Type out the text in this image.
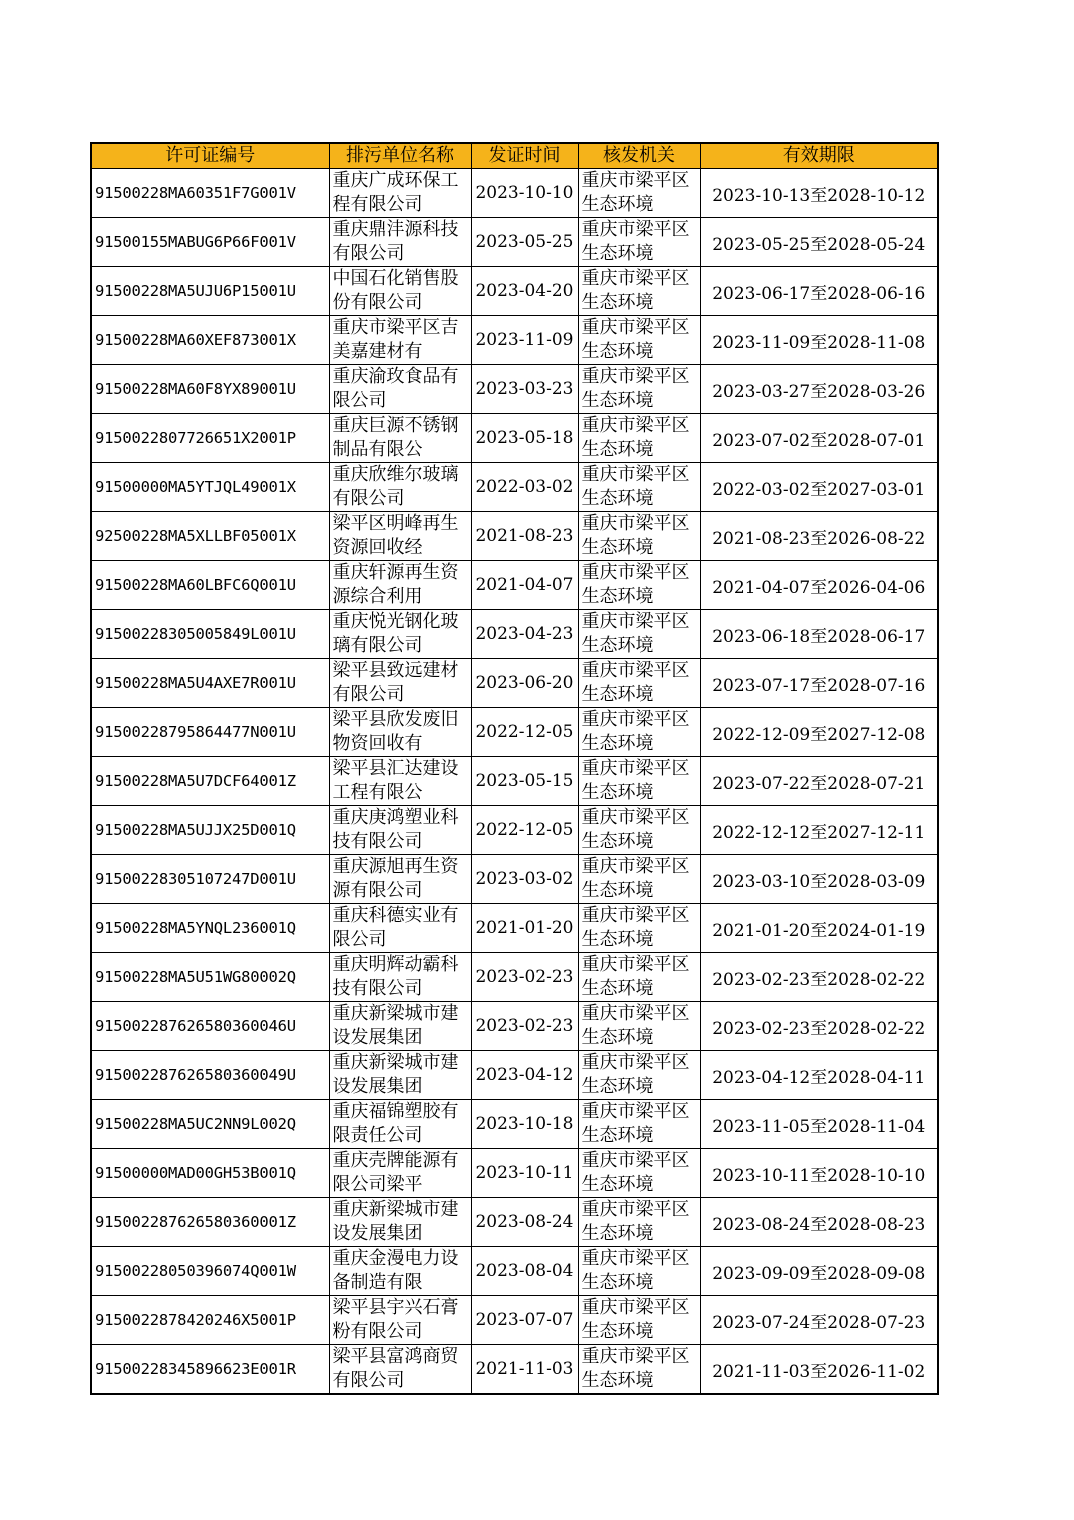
许可证编号	排污单位名称	发证时间	核发机关	有效期限
91500228MA60351F7G001V	重庆广成环保工程有限公司	2023-10-10	重庆市梁平区生态环境	2023-10-13至2028-10-12
91500155MABUG6P66F001V	重庆鼎沣源科技有限公司	2023-05-25	重庆市梁平区生态环境	2023-05-25至2028-05-24
91500228MA5UJU6P15001U	中国石化销售股份有限公司	2023-04-20	重庆市梁平区生态环境	2023-06-17至2028-06-16
91500228MA60XEF873001X	重庆市梁平区吉美嘉建材有	2023-11-09	重庆市梁平区生态环境	2023-11-09至2028-11-08
91500228MA60F8YX89001U	重庆渝玫食品有限公司	2023-03-23	重庆市梁平区生态环境	2023-03-27至2028-03-26
9150022807726651X2001P	重庆巨源不锈钢制品有限公	2023-05-18	重庆市梁平区生态环境	2023-07-02至2028-07-01
91500000MA5YTJQL49001X	重庆欣维尔玻璃有限公司	2022-03-02	重庆市梁平区生态环境	2022-03-02至2027-03-01
92500228MA5XLLBF05001X	梁平区明峰再生资源回收经	2021-08-23	重庆市梁平区生态环境	2021-08-23至2026-08-22
91500228MA60LBFC6Q001U	重庆轩源再生资源综合利用	2021-04-07	重庆市梁平区生态环境	2021-04-07至2026-04-06
91500228305005849L001U	重庆悦光钢化玻璃有限公司	2023-04-23	重庆市梁平区生态环境	2023-06-18至2028-06-17
91500228MA5U4AXE7R001U	梁平县致远建材有限公司	2023-06-20	重庆市梁平区生态环境	2023-07-17至2028-07-16
91500228795864477N001U	梁平县欣发废旧物资回收有	2022-12-05	重庆市梁平区生态环境	2022-12-09至2027-12-08
91500228MA5U7DCF64001Z	梁平县汇达建设工程有限公	2023-05-15	重庆市梁平区生态环境	2023-07-22至2028-07-21
91500228MA5UJJX25D001Q	重庆庚鸿塑业科技有限公司	2022-12-05	重庆市梁平区生态环境	2022-12-12至2027-12-11
91500228305107247D001U	重庆源旭再生资源有限公司	2023-03-02	重庆市梁平区生态环境	2023-03-10至2028-03-09
91500228MA5YNQL236001Q	重庆科德实业有限公司	2021-01-20	重庆市梁平区生态环境	2021-01-20至2024-01-19
91500228MA5U51WG80002Q	重庆明辉动霸科技有限公司	2023-02-23	重庆市梁平区生态环境	2023-02-23至2028-02-22
91500228762658036004​6U	重庆新梁城市建设发展集团	2023-02-23	重庆市梁平区生态环境	2023-02-23至2028-02-22
915002287626580360049U	重庆新梁城市建设发展集团	2023-04-12	重庆市梁平区生态环境	2023-04-12至2028-04-11
91500228MA5UC2NN9L002Q	重庆福锦塑胶有限责任公司	2023-10-18	重庆市梁平区生态环境	2023-11-05至2028-11-04
91500000MAD00GH53B001Q	重庆壳牌能源有限公司梁平	2023-10-11	重庆市梁平区生态环境	2023-10-11至2028-10-10
915002287626580360001Z	重庆新梁城市建设发展集团	2023-08-24	重庆市梁平区生态环境	2023-08-24至2028-08-23
91500228050396074Q001W	重庆金漫电力设备制造有限	2023-08-04	重庆市梁平区生态环境	2023-09-09至2028-09-08
9150022878420246X5001P	梁平县宇兴石膏粉有限公司	2023-07-07	重庆市梁平区生态环境	2023-07-24至2028-07-23
91500228345896623E001R	梁平县富鸿商贸有限公司	2021-11-03	重庆市梁平区生态环境	2021-11-03至2026-11-02
